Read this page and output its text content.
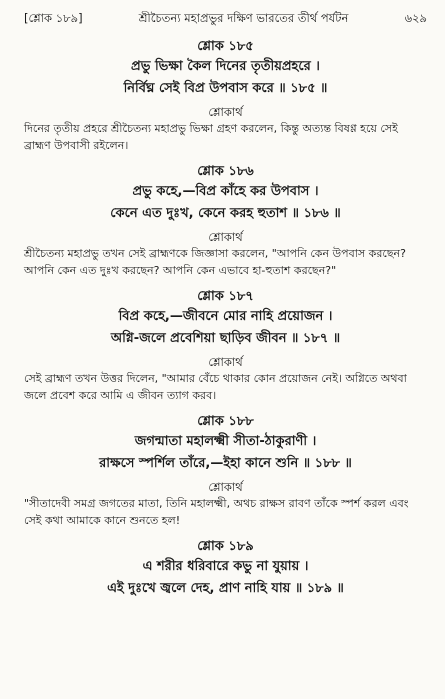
[শ্লোক ১৮৯]	শ্রীচৈতন্য মহাপ্রভুর দক্ষিণ ভারতের তীর্থ পর্যটন	৬২৯
শ্লোক ১৮৫
প্রভু ভিক্ষা কৈল দিনের তৃতীয়প্রহরে ।
নির্বিঘ্ন সেই বিপ্র উপবাস করে ॥ ১৮৫ ॥
শ্লোকার্থ
দিনের তৃতীয় প্রহরে শ্রীচৈতন্য মহাপ্রভু ভিক্ষা গ্রহণ করলেন, কিন্তু অত্যন্ত বিষণ্ণ হয়ে সেই ব্রাহ্মণ উপবাসী রইলেন।
শ্লোক ১৮৬
প্রভু কহে,—বিপ্র কাঁহে কর উপবাস ।
কেনে এত দুঃখ, কেনে করহ হুতাশ ॥ ১৮৬ ॥
শ্লোকার্থ
শ্রীচৈতন্য মহাপ্রভু তখন সেই ব্রাহ্মণকে জিজ্ঞাসা করলেন, "আপনি কেন উপবাস করছেন? আপনি কেন এত দুঃখ করছেন? আপনি কেন এভাবে হা-হুতাশ করছেন?"
শ্লোক ১৮৭
বিপ্র কহে,—জীবনে মোর নাহি প্রয়োজন ।
অগ্নি-জলে প্রবেশিয়া ছাড়িব জীবন ॥ ১৮৭ ॥
শ্লোকার্থ
সেই ব্রাহ্মণ তখন উত্তর দিলেন, "আমার বেঁচে থাকার কোন প্রয়োজন নেই। অগ্নিতে অথবা জলে প্রবেশ করে আমি এ জীবন ত্যাগ করব।
শ্লোক ১৮৮
জগন্মাতা মহালক্ষ্মী সীতা-ঠাকুরাণী ।
রাক্ষসে স্পর্শিল তাঁরে,—ইহা কানে শুনি ॥ ১৮৮ ॥
শ্লোকার্থ
"সীতাদেবী সমগ্র জগতের মাতা, তিনি মহালক্ষ্মী, অথচ রাক্ষস রাবণ তাঁকে স্পর্শ করল এবং সেই কথা আমাকে কানে শুনতে হল!
শ্লোক ১৮৯
এ শরীর ধরিবারে কভু না যুয়ায় ।
এই দুঃখে জ্বলে দেহ, প্রাণ নাহি যায় ॥ ১৮৯ ॥
